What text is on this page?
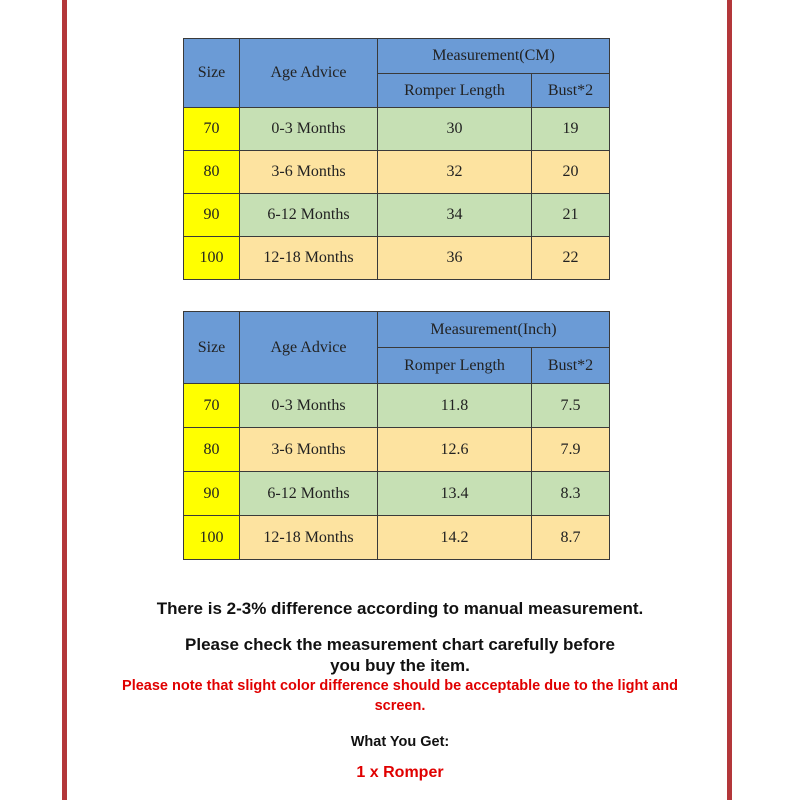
Size	Age Advice	Measurement(CM)	
		Romper Length	Bust*2
70	0-3 Months	30	19
80	3-6 Months	32	20
90	6-12 Months	34	21
100	12-18 Months	36	22
Size	Age Advice	Measurement(Inch)	
		Romper Length	Bust*2
70	0-3 Months	11.8	7.5
80	3-6 Months	12.6	7.9
90	6-12 Months	13.4	8.3
100	12-18 Months	14.2	8.7
There is 2-3% difference according to manual measurement.
Please check the measurement chart carefully before you buy the item.
Please note that slight color difference should be acceptable due to the light and screen.
What You Get:
1 x Romper
